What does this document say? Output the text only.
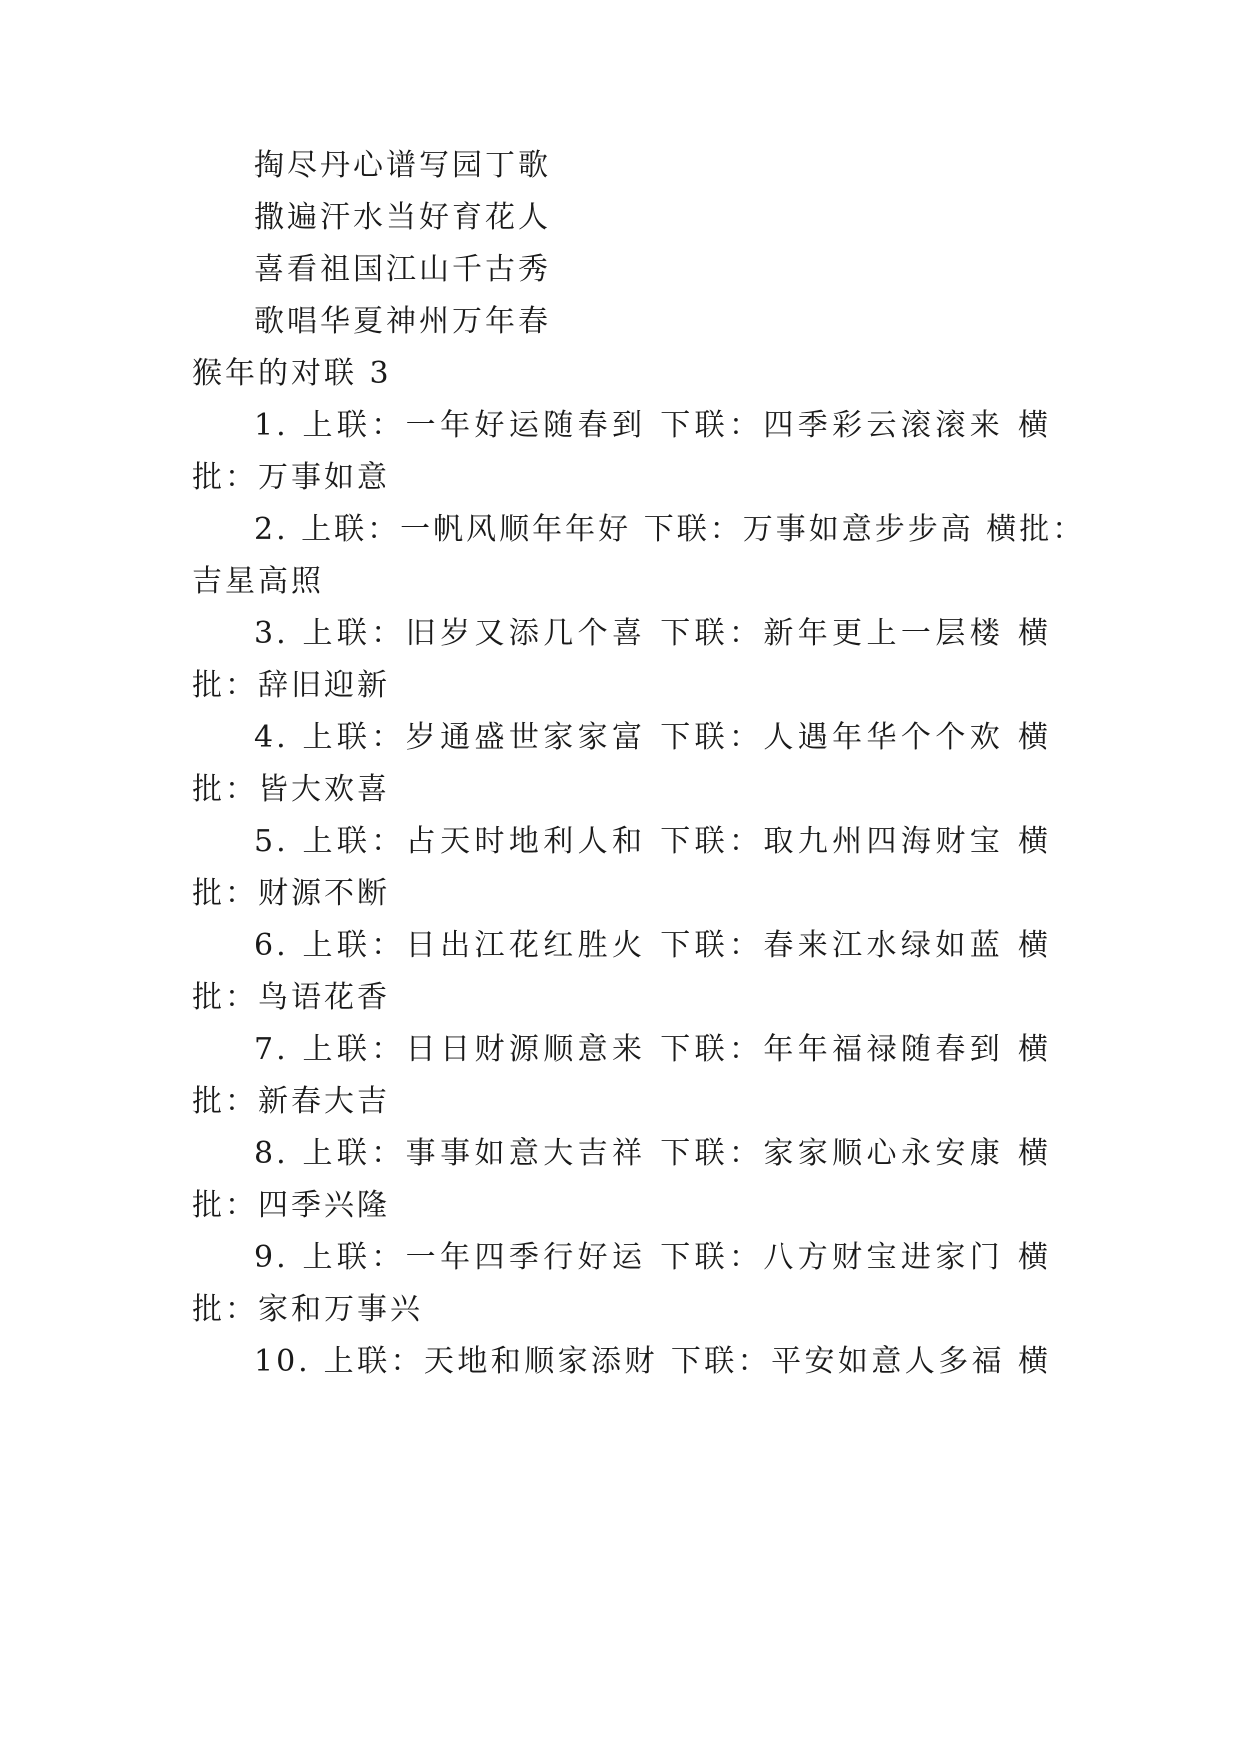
掏尽丹心谱写园丁歌
撒遍汗水当好育花人
喜看祖国江山千古秀
歌唱华夏神州万年春
猴年的对联 3
1. 上联：一年好运随春到 下联：四季彩云滚滚来 横
批：万事如意
2. 上联：一帆风顺年年好 下联：万事如意步步高 横批：
吉星高照
3. 上联：旧岁又添几个喜 下联：新年更上一层楼 横
批：辞旧迎新
4. 上联：岁通盛世家家富 下联：人遇年华个个欢 横
批：皆大欢喜
5. 上联：占天时地利人和 下联：取九州四海财宝 横
批：财源不断
6. 上联：日出江花红胜火 下联：春来江水绿如蓝 横
批：鸟语花香
7. 上联：日日财源顺意来 下联：年年福禄随春到 横
批：新春大吉
8. 上联：事事如意大吉祥 下联：家家顺心永安康 横
批：四季兴隆
9. 上联：一年四季行好运 下联：八方财宝进家门 横
批：家和万事兴
10. 上联：天地和顺家添财 下联：平安如意人多福 横
